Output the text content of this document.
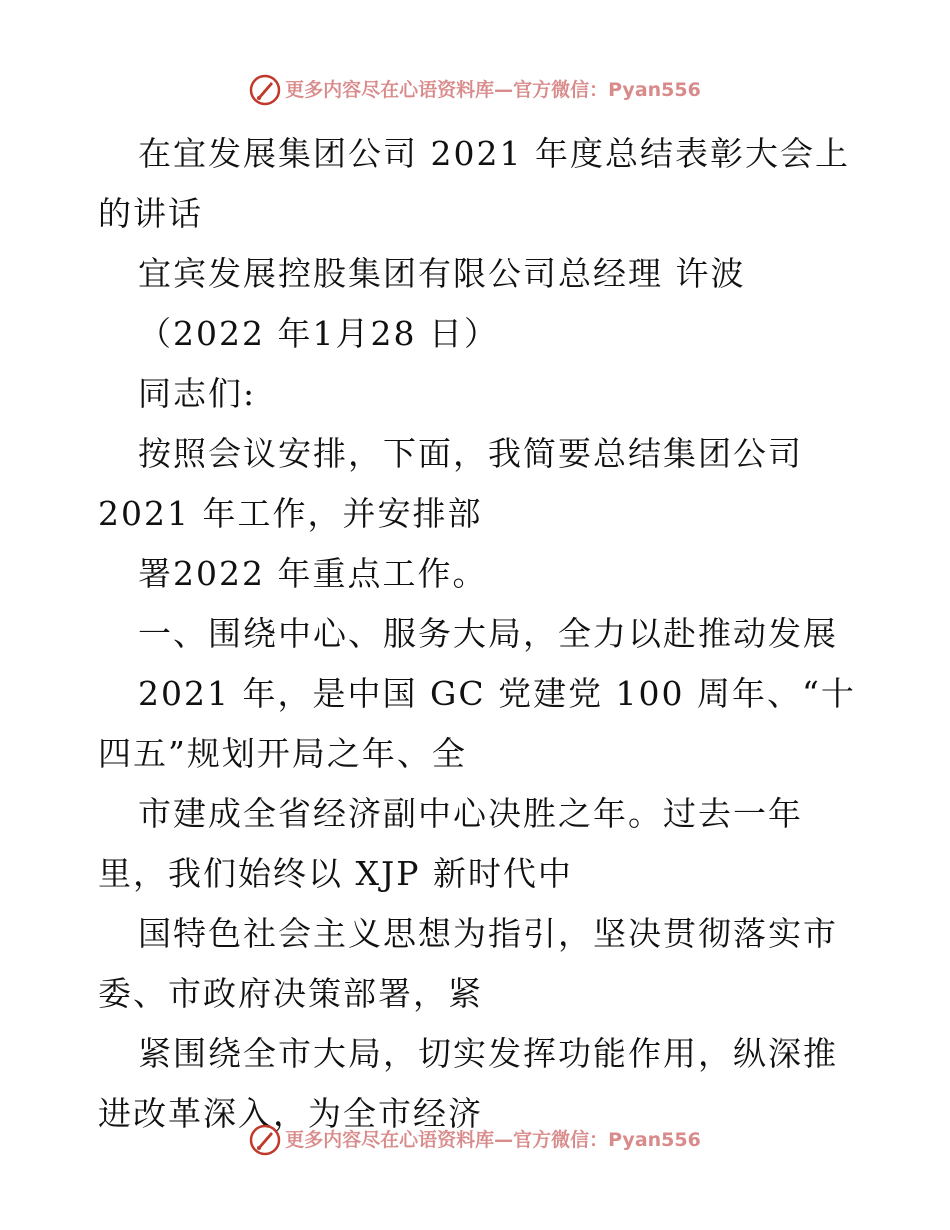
更多内容尽在心语资料库—官方微信：Pyan556

在宜发展集团公司 2021 年度总结表彰大会上的讲话

宜宾发展控股集团有限公司总经理 许波

（2022 年1月28 日）

同志们:

按照会议安排，下面，我简要总结集团公司

2021 年工作，并安排部

署2022 年重点工作。

一、围绕中心、服务大局，全力以赴推动发展

2021 年，是中国 GC 党建党 100 周年、“十四五”规划开局之年、全

市建成全省经济副中心决胜之年。过去一年里，我们始终以 XJP 新时代中

国特色社会主义思想为指引，坚决贯彻落实市委、市政府决策部署，紧

紧围绕全市大局，切实发挥功能作用，纵深推进改革深入，为全市经济

更多内容尽在心语资料库—官方微信：Pyan556
